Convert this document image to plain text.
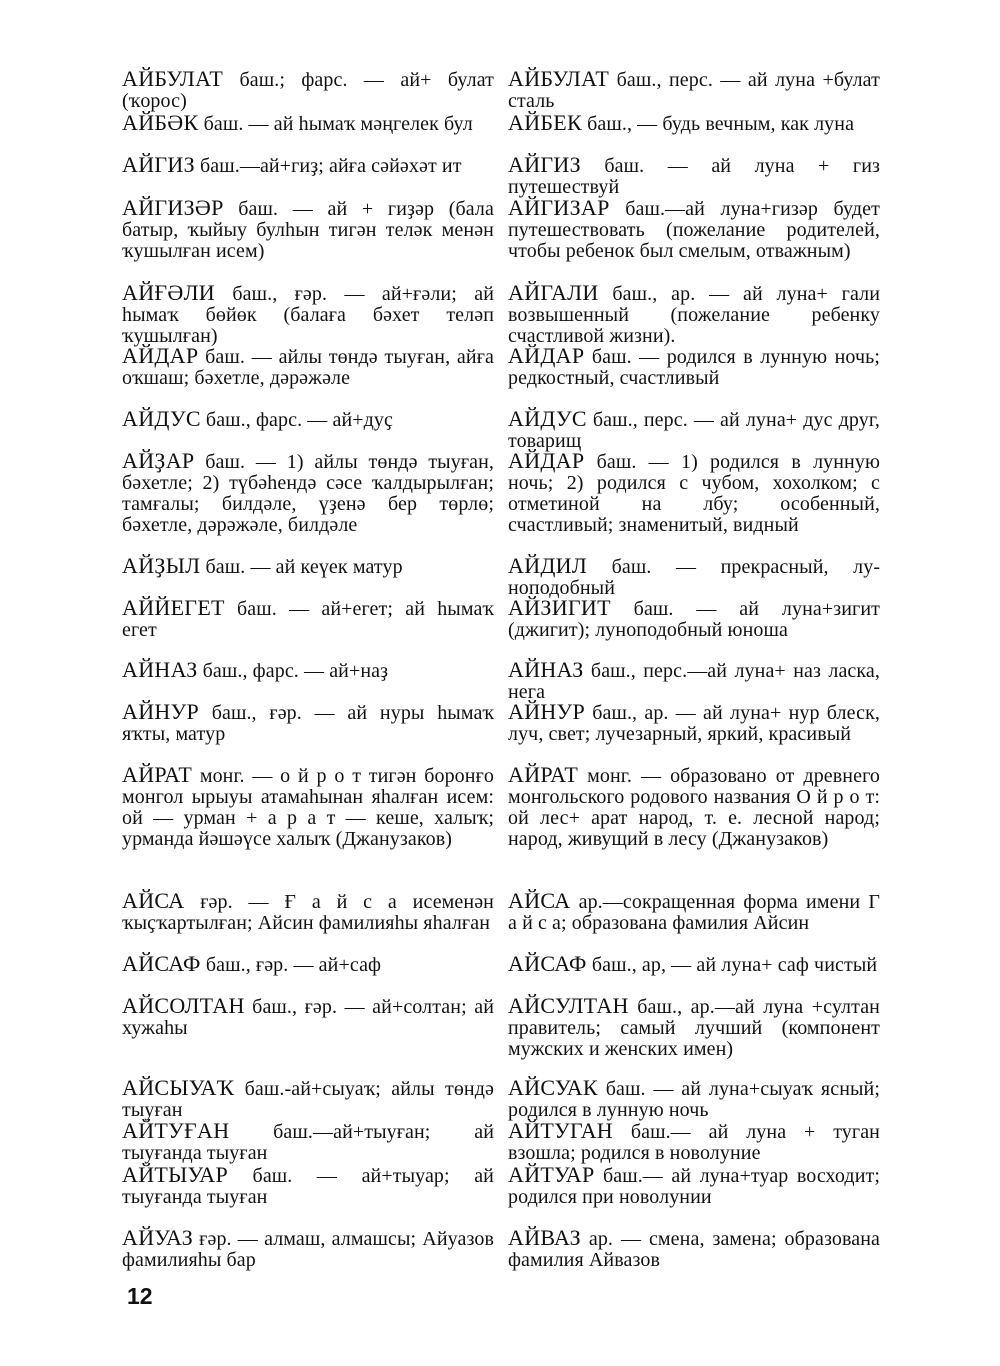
АЙБУЛАТ баш.; фарс. — ай+ булат (ҡорос)
АЙБӘК баш. — ай һымаҡ мәңгелек бул
АЙГИЗ баш.—ай+гиҙ; айға сәйәхәт ит
АЙГИЗӘР баш. — ай + гиҙәр (бала батыр, ҡыйыу булһын тигән теләк менән ҡушылған исем)
АЙҒӘЛИ баш., ғәр. — ай+ғәли; ай һымаҡ бөйөк (балаға бәхет теләп ҡушылған)
АЙДАР баш. — айлы төндә тыуған, айға оҡшаш; бәхетле, дәрәжәле
АЙДУС баш., фарс. — ай+дуҫ
АЙҘАР баш. — 1) айлы төндә тыуған, бәхетле; 2) түбәһендә сәсе ҡалдырылған; тамғалы; билдәле, үҙенә бер төрлө; бәхетле, дәрәжәле, билдәле
АЙҘЫЛ баш. — ай кеүек матур
АЙЙЕГЕТ баш. — ай+егет; ай һымаҡ егет
АЙНАЗ баш., фарс. — ай+наҙ
АЙНУР баш., ғәр. — ай нуры һымаҡ яҡты, матур
АЙРАТ монг. — о й р о т тигән боронғо монгол ырыуы атамаһынан яһалған исем: ой — урман + а р а т — кеше, халыҡ; урманда йәшәүсе халыҡ (Джанузаков)
АЙСА ғәр. — Ғ а й с а исеменән ҡыҫҡартылған; Айсин фамилияһы яһалған
АЙСАФ баш., ғәр. — ай+саф
АЙСОЛТАН баш., ғәр. — ай+солтан; ай хужаһы
АЙСЫУАҠ баш.-ай+сыуаҡ; айлы төндә тыуған
АЙТУҒАН баш.—ай+тыуған; ай тыуғанда тыуған
АЙТЫУАР баш. — ай+тыуар; ай тыуғанда тыуған
АЙУАЗ ғәр. — алмаш, алмашсы; Айуазов фамилияһы бар
АЙБУЛАТ баш., перс. — ай луна +булат сталь
АЙБЕК баш., — будь вечным, как луна
АЙГИЗ баш. — ай луна + гиз путешествуй
АЙГИЗАР баш.—ай луна+гизәр будет путешествовать (пожелание родителей, чтобы ребенок был смелым, отважным)
АЙГАЛИ баш., ар. — ай луна+ гали возвышенный (пожелание ребенку счастливой жизни).
АЙДАР баш. — родился в лунную ночь; редкостный, счастливый
АЙДУС баш., перс. — ай луна+ дус друг, товарищ
АЙДАР баш. — 1) родился в лунную ночь; 2) родился с чубом, хохолком; с отметиной на лбу; особенный, счастливый; знаменитый, видный
АЙДИЛ баш. — прекрасный, луноподобный
АЙЗИГИТ баш. — ай луна+зигит (джигит); луноподобный юноша
АЙНАЗ баш., перс.—ай луна+ наз ласка, нега
АЙНУР баш., ар. — ай луна+ нур блеск, луч, свет; лучезарный, яркий, красивый
АЙРАТ монг. — образовано от древнего монгольского родового названия О й р о т: ой лес+ арат народ, т. е. лесной народ; народ, живущий в лесу (Джанузаков)
АЙСА ар.—сокращенная форма имени Г а й с а; образована фамилия Айсин
АЙСАФ баш., ар, — ай луна+ саф чистый
АЙСУЛТАН баш., ар.—ай луна +султан правитель; самый лучший (компонент мужских и женских имен)
АЙСУАК баш. — ай луна+сыуаҡ ясный; родился в лунную ночь
АЙТУГАН баш.— ай луна + туган взошла; родился в новолуние
АЙТУАР баш.— ай луна+туар восходит; родился при новолунии
АЙВАЗ ар. — смена, замена; образована фамилия Айвазов
12
